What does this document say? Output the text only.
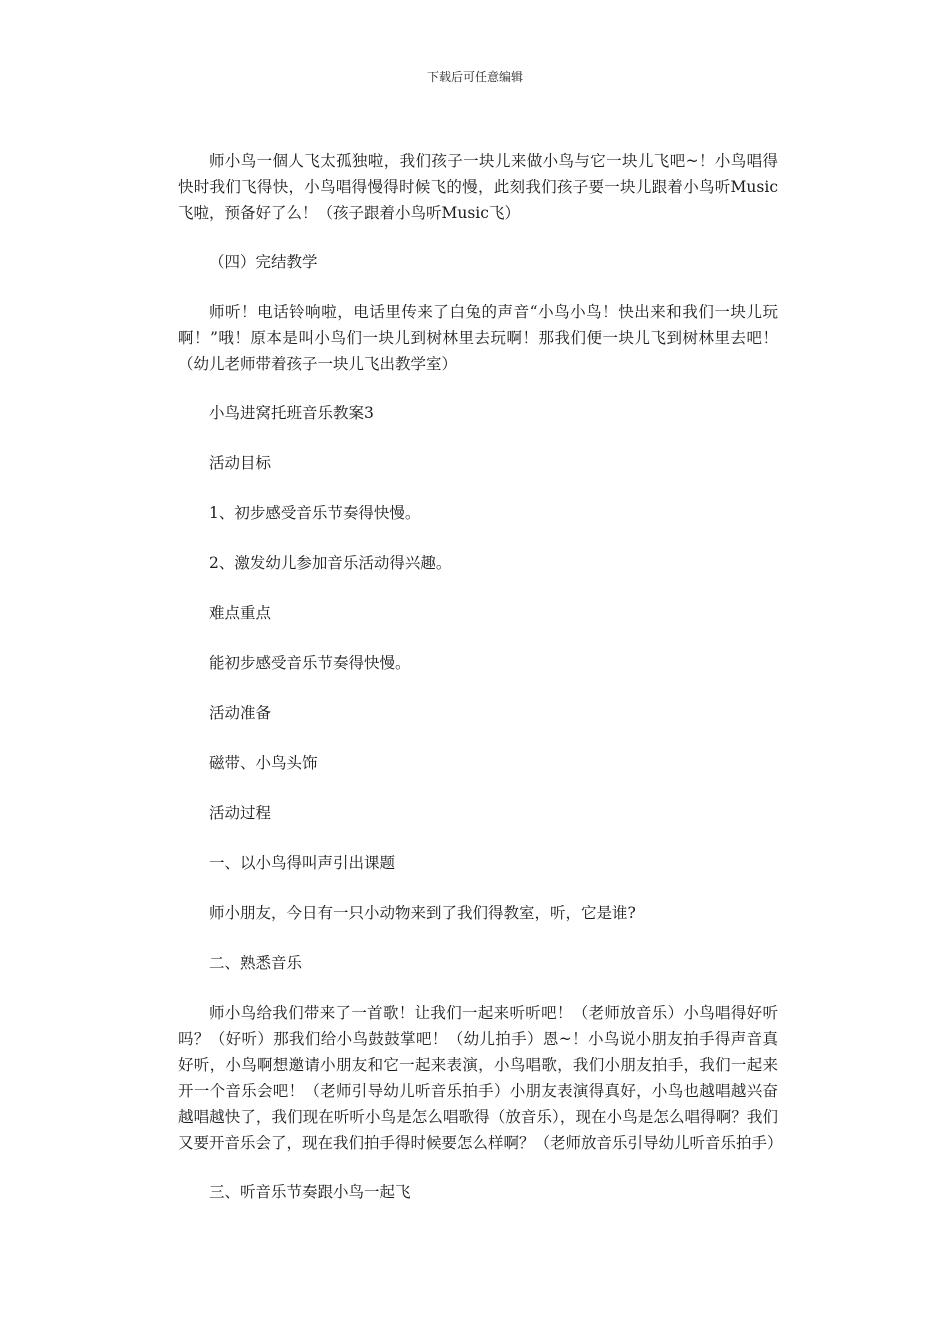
下载后可任意编辑

师小鸟一個人飞太孤独啦，我们孩子一块儿来做小鸟与它一块儿飞吧~！小鸟唱得快时我们飞得快，小鸟唱得慢得时候飞的慢，此刻我们孩子要一块儿跟着小鸟听Music飞啦，预备好了么！（孩子跟着小鸟听Music飞）

（四）完结教学

师听！电话铃响啦，电话里传来了白兔的声音“小鸟小鸟！快出来和我们一块儿玩啊！”哦！原本是叫小鸟们一块儿到树林里去玩啊！那我们便一块儿飞到树林里去吧！（幼儿老师带着孩子一块儿飞出教学室）

小鸟进窝托班音乐教案3

活动目标

1、初步感受音乐节奏得快慢。

2、激发幼儿参加音乐活动得兴趣。

难点重点

能初步感受音乐节奏得快慢。

活动准备

磁带、小鸟头饰

活动过程

一、以小鸟得叫声引出课题

师小朋友，今日有一只小动物来到了我们得教室，听，它是谁?

二、熟悉音乐

师小鸟给我们带来了一首歌！让我们一起来听听吧！（老师放音乐）小鸟唱得好听吗？（好听）那我们给小鸟鼓鼓掌吧！（幼儿拍手）恩~！小鸟说小朋友拍手得声音真好听，小鸟啊想邀请小朋友和它一起来表演，小鸟唱歌，我们小朋友拍手，我们一起来开一个音乐会吧！（老师引导幼儿听音乐拍手）小朋友表演得真好，小鸟也越唱越兴奋越唱越快了，我们现在听听小鸟是怎么唱歌得（放音乐），现在小鸟是怎么唱得啊？我们又要开音乐会了，现在我们拍手得时候要怎么样啊？（老师放音乐引导幼儿听音乐拍手）

三、听音乐节奏跟小鸟一起飞
